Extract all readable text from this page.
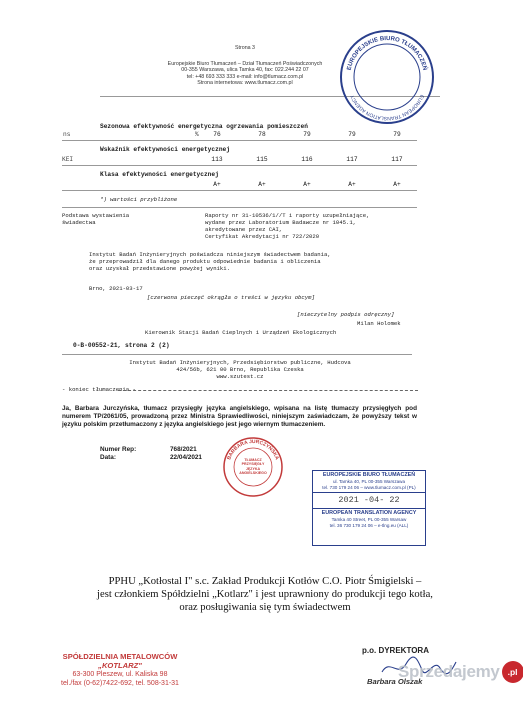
Strona 3
Europejskie Biuro Tłumaczeń – Dział Tłumaczeń Poświadczonych
00-355 Warszawa, ulica Tamka 40, fax: 022.244 22 07
tel: +48 693 333 333 e-mail: info@tlumacz.com.pl
Strona internetowa: www.tlumacz.com.pl
EUROPEJSKIE BIURO TŁUMACZEŃ
EUROPEAN TRANSLATION AGENCY
Sezonowa efektywność energetyczna ogrzewania pomieszczeń
ns	%	76	78	79	79	79
Wskaźnik efektywności energetycznej
KEI	113	115	116	117	117
Klasa efektywności energetycznej
A+	A+	A+	A+	A+
*) wartości przybliżone
Podstawa wystawienia
świadectwa
Raporty nr 31-10536/1//T i raporty uzupełniające,
wydane przez Laboratorium Badawcze nr 1045.1,
akredytowane przez CAI,
Certyfikat Akredytacji nr 722/2020
Instytut Badań Inżynieryjnych poświadcza niniejszym świadectwem badania,
że przeprowadził dla danego produktu odpowiednie badania i obliczenia
oraz uzyskał przedstawione powyżej wyniki.
Brno, 2021-03-17
[czerwona pieczęć okrągła o treści w języku obcym]
[nieczytelny podpis odręczny]
Milan Holomek
Kierownik Stacji Badań Cieplnych i Urządzeń Ekologicznych
0-B-00552-21, strona 2 (2)
Instytut Badań Inżynieryjnych, Przedsiębiorstwo publiczne, Hudcova
424/56b, 621 00 Brno, Republika Czeska
www.szutest.cz
- koniec tłumaczenia -
Ja, Barbara Jurczyńska, tłumacz przysięgły języka angielskiego, wpisana na listę tłumaczy przysięgłych pod numerem TP/2061/05, prowadzoną przez Ministra Sprawiedliwości, niniejszym zaświadczam, że powyższy tekst w języku polskim przetłumaczony z języka angielskiego jest jego wiernym tłumaczeniem.
Numer Rep:	768/2021
Data:	22/04/2021	BARBARA JURCZYŃSKA
TŁUMACZ PRZYSIĘGŁY JĘZYKA ANGIELSKIEGO	EUROPEJSKIE BIURO TŁUMACZEŃ
ul. Tamka 40, PL 00-355 Warszawa
tel. 730 179 24 06 – www.tlumacz.com.pl (PL)
2021 -04- 22
EUROPEAN TRANSLATION AGENCY
Tamka 40 Street, PL 00-355 Warsaw
tel. 36 730 179 24 06 – e-tlng.eu (ALL)
PPHU „Kotłostal I" s.c. Zakład Produkcji Kotłów C.O. Piotr Śmigielski –
jest członkiem Spółdzielni „Kotlarz" i jest uprawniony do produkcji tego kotła,
oraz posługiwania się tym świadectwem
SPÓŁDZIELNIA METALOWCÓW
„KOTLARZ"
63-300 Pleszew, ul. Kaliska 98
tel./fax (0-62)7422-692, tel. 508-31-31
p.o. DYREKTORA
Barbara Olszak
Sprzedajemy .pl
